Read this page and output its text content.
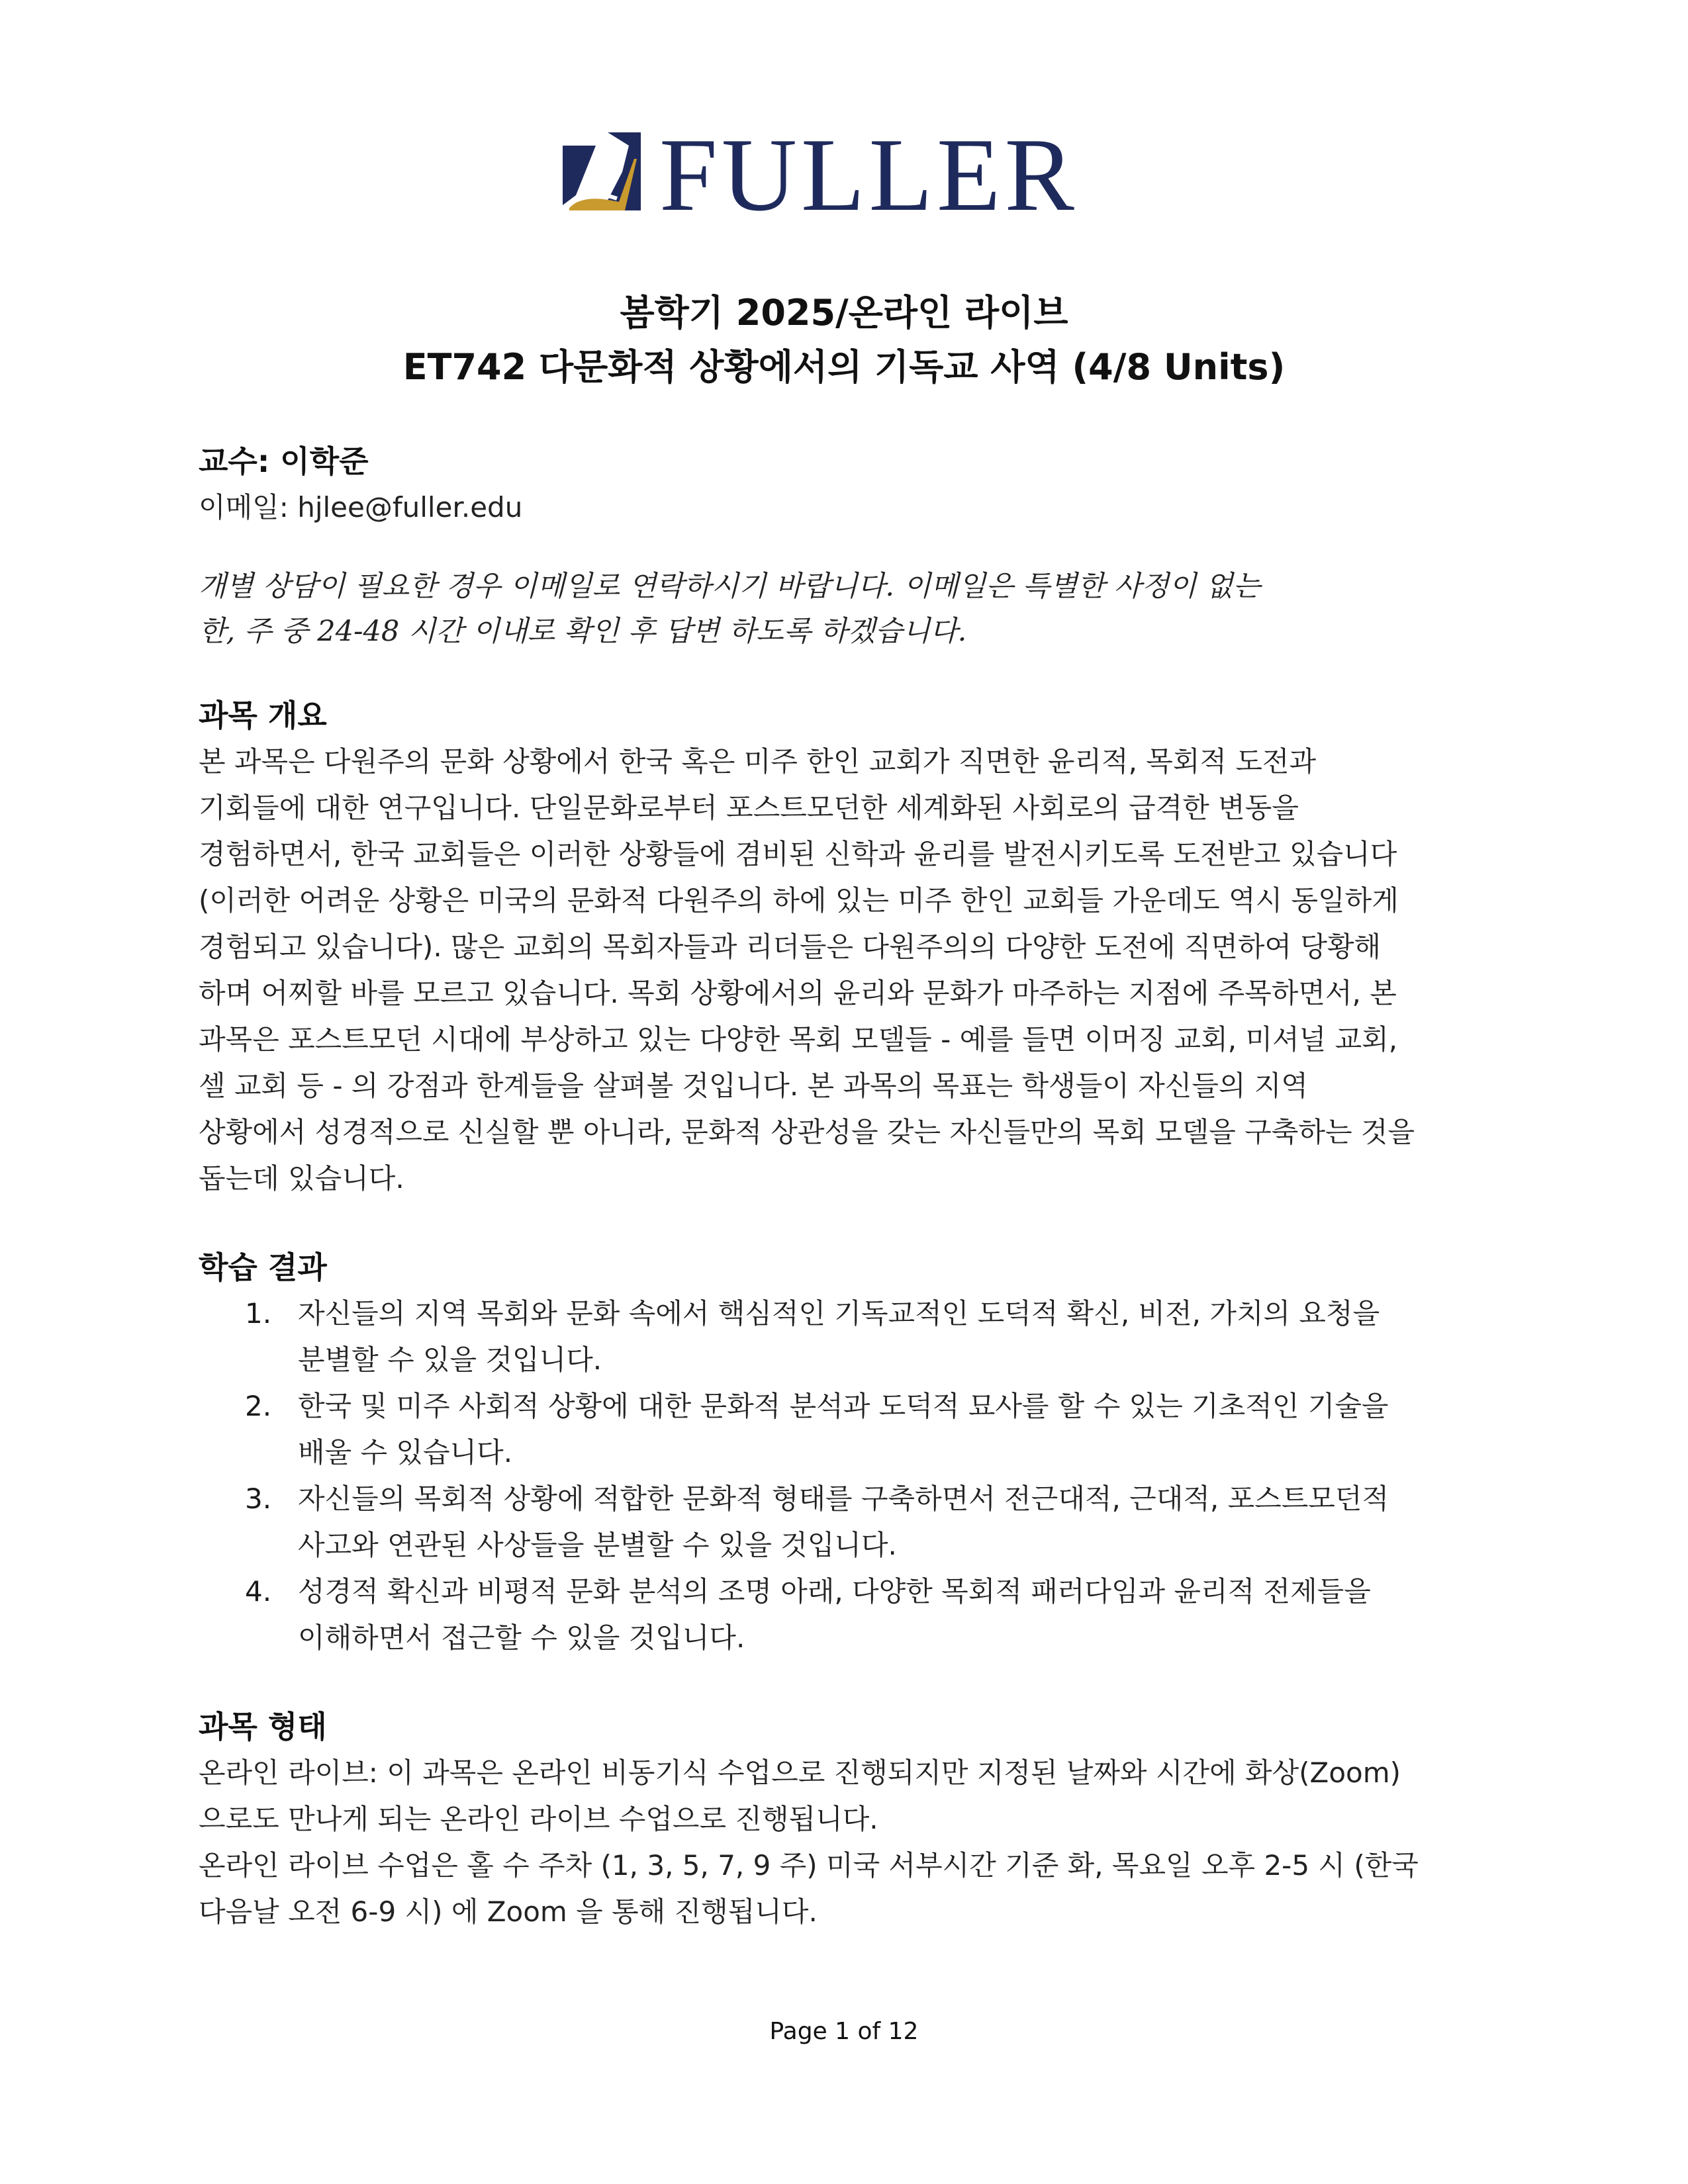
FULLER
봄학기 2025/온라인 라이브
ET742 다문화적 상황에서의 기독교 사역 (4/8 Units)
교수: 이학준
이메일: hjlee@fuller.edu
개별 상담이 필요한 경우 이메일로 연락하시기 바랍니다. 이메일은 특별한 사정이 없는
한, 주 중 24-48 시간 이내로 확인 후 답변 하도록 하겠습니다.
과목 개요
본 과목은 다원주의 문화 상황에서 한국 혹은 미주 한인 교회가 직면한 윤리적, 목회적 도전과
기회들에 대한 연구입니다. 단일문화로부터 포스트모던한 세계화된 사회로의 급격한 변동을
경험하면서, 한국 교회들은 이러한 상황들에 겸비된 신학과 윤리를 발전시키도록 도전받고 있습니다
(이러한 어려운 상황은 미국의 문화적 다원주의 하에 있는 미주 한인 교회들 가운데도 역시 동일하게
경험되고 있습니다). 많은 교회의 목회자들과 리더들은 다원주의의 다양한 도전에 직면하여 당황해
하며 어찌할 바를 모르고 있습니다. 목회 상황에서의 윤리와 문화가 마주하는 지점에 주목하면서, 본
과목은 포스트모던 시대에 부상하고 있는 다양한 목회 모델들 - 예를 들면 이머징 교회, 미셔널 교회,
셀 교회 등 - 의 강점과 한계들을 살펴볼 것입니다. 본 과목의 목표는 학생들이 자신들의 지역
상황에서 성경적으로 신실할 뿐 아니라, 문화적 상관성을 갖는 자신들만의 목회 모델을 구축하는 것을
돕는데 있습니다.
학습 결과
1. 자신들의 지역 목회와 문화 속에서 핵심적인 기독교적인 도덕적 확신, 비전, 가치의 요청을
분별할 수 있을 것입니다.
2. 한국 및 미주 사회적 상황에 대한 문화적 분석과 도덕적 묘사를 할 수 있는 기초적인 기술을
배울 수 있습니다.
3. 자신들의 목회적 상황에 적합한 문화적 형태를 구축하면서 전근대적, 근대적, 포스트모던적
사고와 연관된 사상들을 분별할 수 있을 것입니다.
4. 성경적 확신과 비평적 문화 분석의 조명 아래, 다양한 목회적 패러다임과 윤리적 전제들을
이해하면서 접근할 수 있을 것입니다.
과목 형태
온라인 라이브: 이 과목은 온라인 비동기식 수업으로 진행되지만 지정된 날짜와 시간에 화상(Zoom)
으로도 만나게 되는 온라인 라이브 수업으로 진행됩니다.
온라인 라이브 수업은 홀 수 주차 (1, 3, 5, 7, 9 주) 미국 서부시간 기준 화, 목요일 오후 2-5 시 (한국
다음날 오전 6-9 시) 에 Zoom 을 통해 진행됩니다.
Page 1 of 12
